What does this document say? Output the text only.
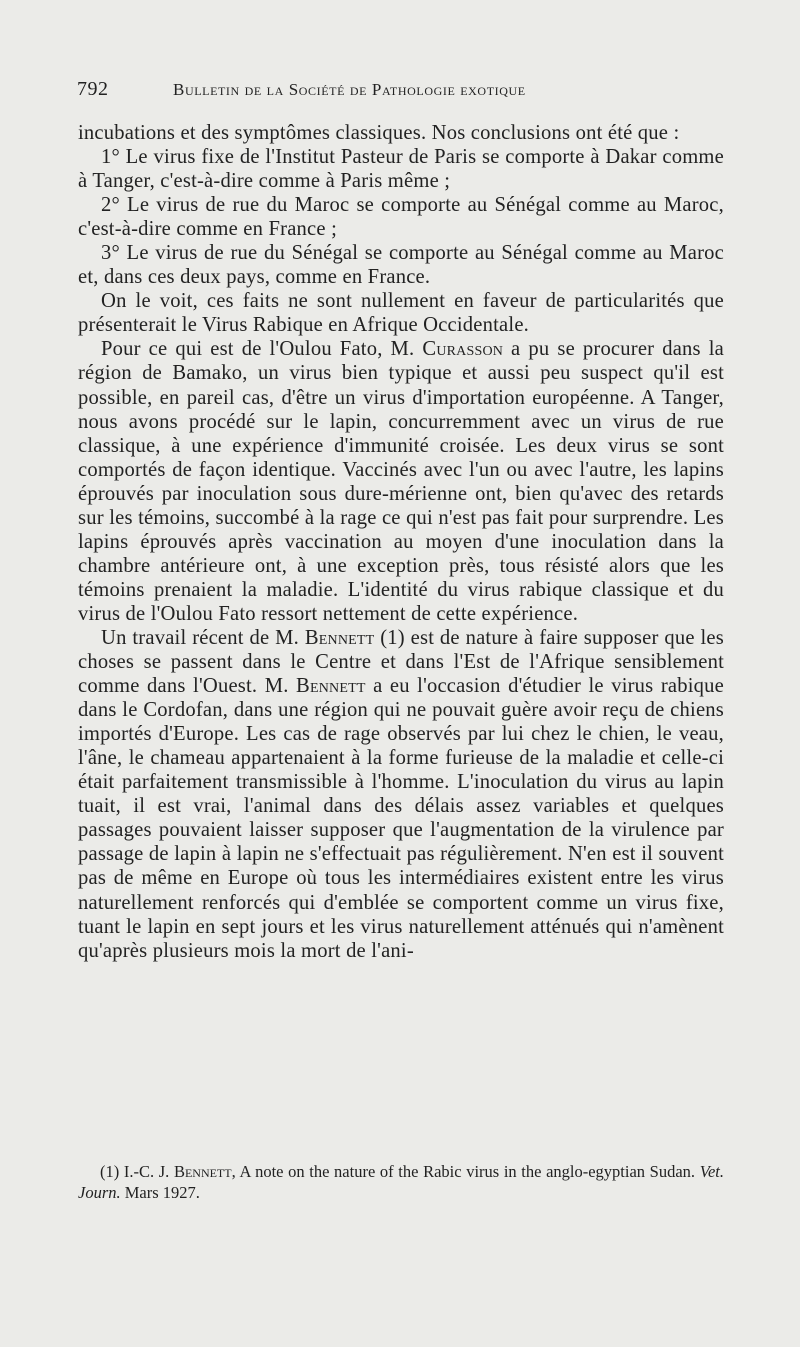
792	Bulletin de la Société de Pathologie exotique

incubations et des symptômes classiques. Nos conclusions ont été que :

1° Le virus fixe de l'Institut Pasteur de Paris se comporte à Dakar comme à Tanger, c'est-à-dire comme à Paris même ;

2° Le virus de rue du Maroc se comporte au Sénégal comme au Maroc, c'est-à-dire comme en France ;

3° Le virus de rue du Sénégal se comporte au Sénégal comme au Maroc et, dans ces deux pays, comme en France.

On le voit, ces faits ne sont nullement en faveur de particularités que présenterait le Virus Rabique en Afrique Occidentale.

Pour ce qui est de l'Oulou Fato, M. Curasson a pu se procurer dans la région de Bamako, un virus bien typique et aussi peu suspect qu'il est possible, en pareil cas, d'être un virus d'importation européenne. A Tanger, nous avons procédé sur le lapin, concurremment avec un virus de rue classique, à une expérience d'immunité croisée. Les deux virus se sont comportés de façon identique. Vaccinés avec l'un ou avec l'autre, les lapins éprouvés par inoculation sous dure-mérienne ont, bien qu'avec des retards sur les témoins, succombé à la rage ce qui n'est pas fait pour surprendre. Les lapins éprouvés après vaccination au moyen d'une inoculation dans la chambre antérieure ont, à une exception près, tous résisté alors que les témoins prenaient la maladie. L'identité du virus rabique classique et du virus de l'Oulou Fato ressort nettement de cette expérience.

Un travail récent de M. Bennett (1) est de nature à faire supposer que les choses se passent dans le Centre et dans l'Est de l'Afrique sensiblement comme dans l'Ouest. M. Bennett a eu l'occasion d'étudier le virus rabique dans le Cordofan, dans une région qui ne pouvait guère avoir reçu de chiens importés d'Europe. Les cas de rage observés par lui chez le chien, le veau, l'âne, le chameau appartenaient à la forme furieuse de la maladie et celle-ci était parfaitement transmissible à l'homme. L'inoculation du virus au lapin tuait, il est vrai, l'animal dans des délais assez variables et quelques passages pouvaient laisser supposer que l'augmentation de la virulence par passage de lapin à lapin ne s'effectuait pas régulièrement. N'en est il souvent pas de même en Europe où tous les intermédiaires existent entre les virus naturellement renforcés qui d'emblée se comportent comme un virus fixe, tuant le lapin en sept jours et les virus naturellement atténués qui n'amènent qu'après plusieurs mois la mort de l'ani-

(1) I.-C. J. Bennett, A note on the nature of the Rabic virus in the anglo-egyptian Sudan. Vet. Journ. Mars 1927.
